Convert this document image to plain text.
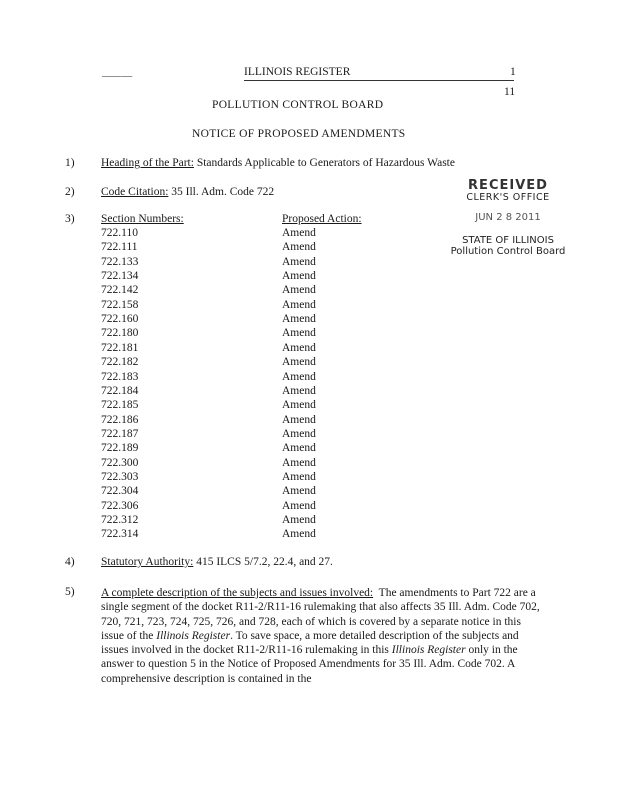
_____ ___	ILLINOIS REGISTER	1
11
POLLUTION CONTROL BOARD
NOTICE OF PROPOSED AMENDMENTS
1) Heading of the Part: Standards Applicable to Generators of Hazardous Waste
2) Code Citation: 35 Ill. Adm. Code 722	RECEIVED
CLERK'S OFFICE
JUN 2 8 2011
STATE OF ILLINOIS
Pollution Control Board
3) Section Numbers:	Proposed Action:
722.110	Amend
722.111	Amend
722.133	Amend
722.134	Amend
722.142	Amend
722.158	Amend
722.160	Amend
722.180	Amend
722.181	Amend
722.182	Amend
722.183	Amend
722.184	Amend
722.185	Amend
722.186	Amend
722.187	Amend
722.189	Amend
722.300	Amend
722.303	Amend
722.304	Amend
722.306	Amend
722.312	Amend
722.314	Amend
4) Statutory Authority: 415 ILCS 5/7.2, 22.4, and 27.
5) A complete description of the subjects and issues involved: The amendments to Part 722 are a single segment of the docket R11-2/R11-16 rulemaking that also affects 35 Ill. Adm. Code 702, 720, 721, 723, 724, 725, 726, and 728, each of which is covered by a separate notice in this issue of the Illinois Register. To save space, a more detailed description of the subjects and issues involved in the docket R11-2/R11-16 rulemaking in this Illinois Register only in the answer to question 5 in the Notice of Proposed Amendments for 35 Ill. Adm. Code 702. A comprehensive description is contained in the
